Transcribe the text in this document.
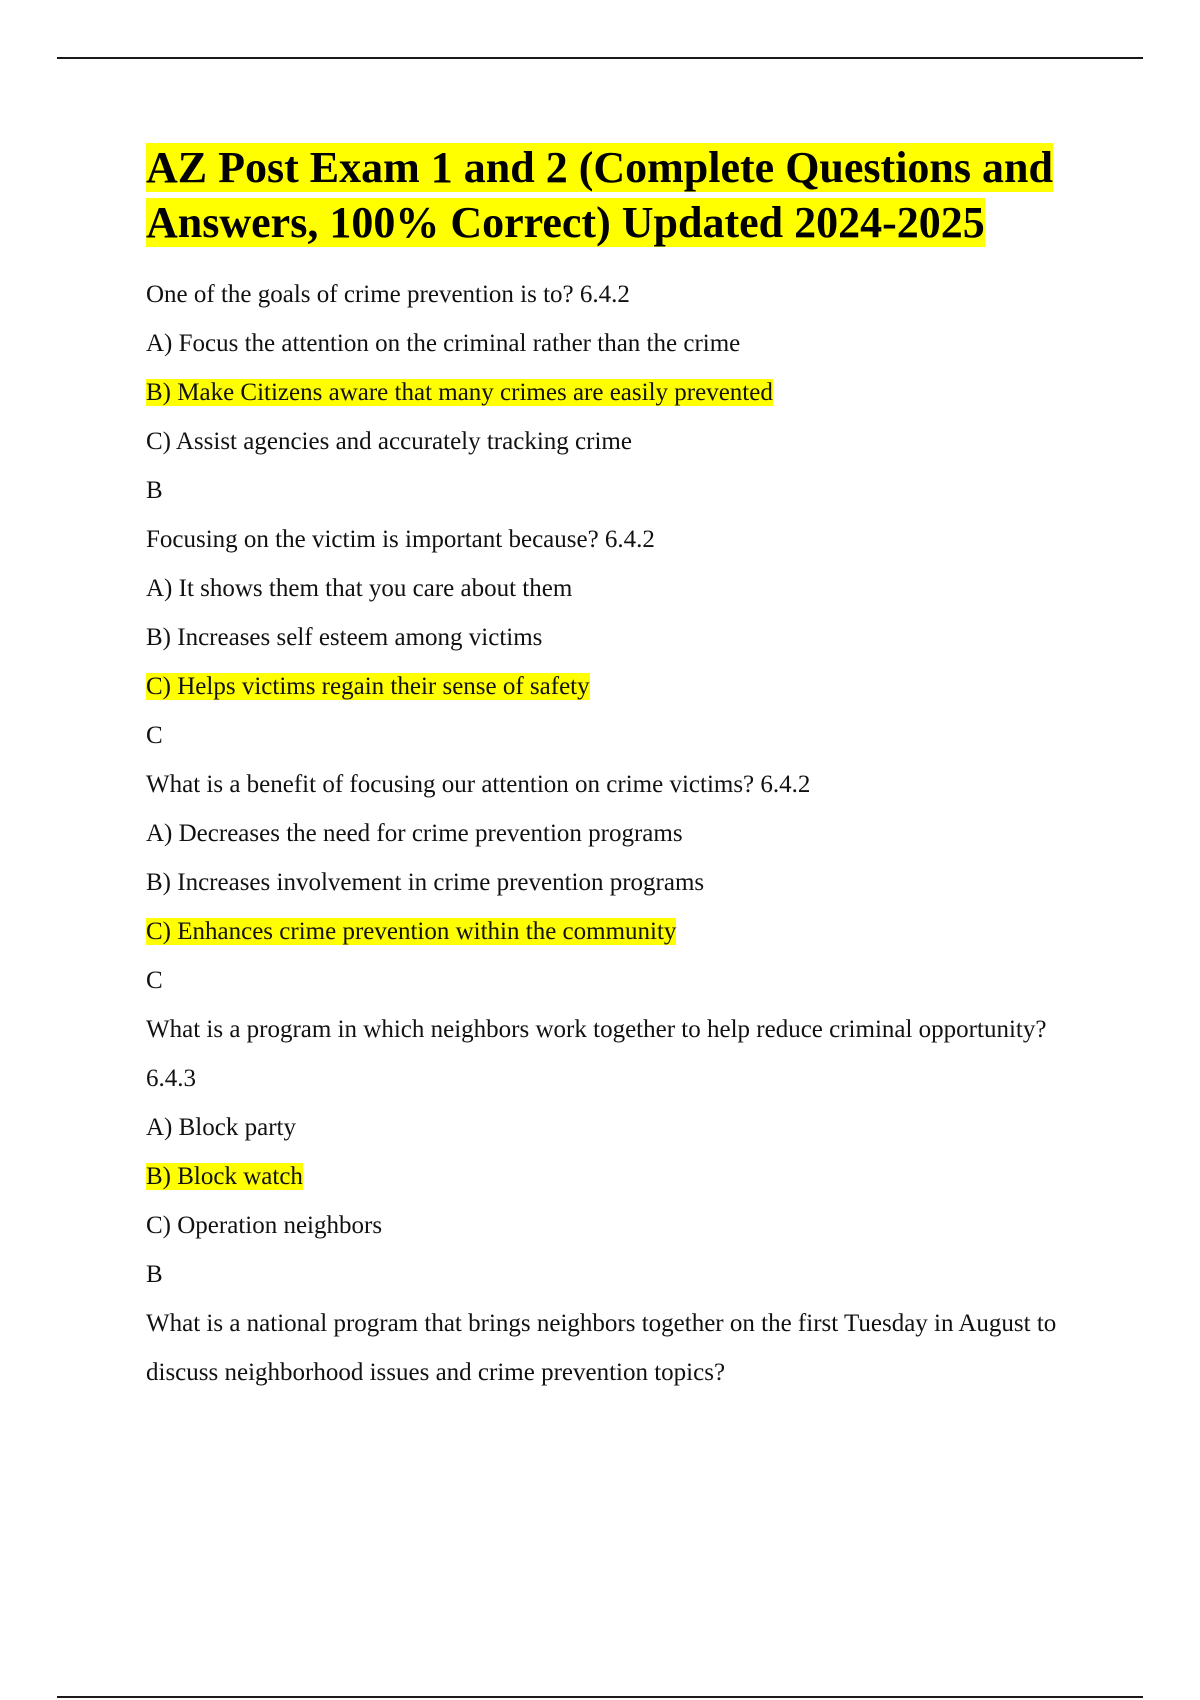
AZ Post Exam 1 and 2 (Complete Questions and Answers, 100% Correct) Updated 2024-2025
One of the goals of crime prevention is to? 6.4.2
A) Focus the attention on the criminal rather than the crime
B) Make Citizens aware that many crimes are easily prevented
C) Assist agencies and accurately tracking crime
B
Focusing on the victim is important because? 6.4.2
A) It shows them that you care about them
B) Increases self esteem among victims
C) Helps victims regain their sense of safety
C
What is a benefit of focusing our attention on crime victims? 6.4.2
A) Decreases the need for crime prevention programs
B) Increases involvement in crime prevention programs
C) Enhances crime prevention within the community
C
What is a program in which neighbors work together to help reduce criminal opportunity? 6.4.3
A) Block party
B) Block watch
C) Operation neighbors
B
What is a national program that brings neighbors together on the first Tuesday in August to discuss neighborhood issues and crime prevention topics?
